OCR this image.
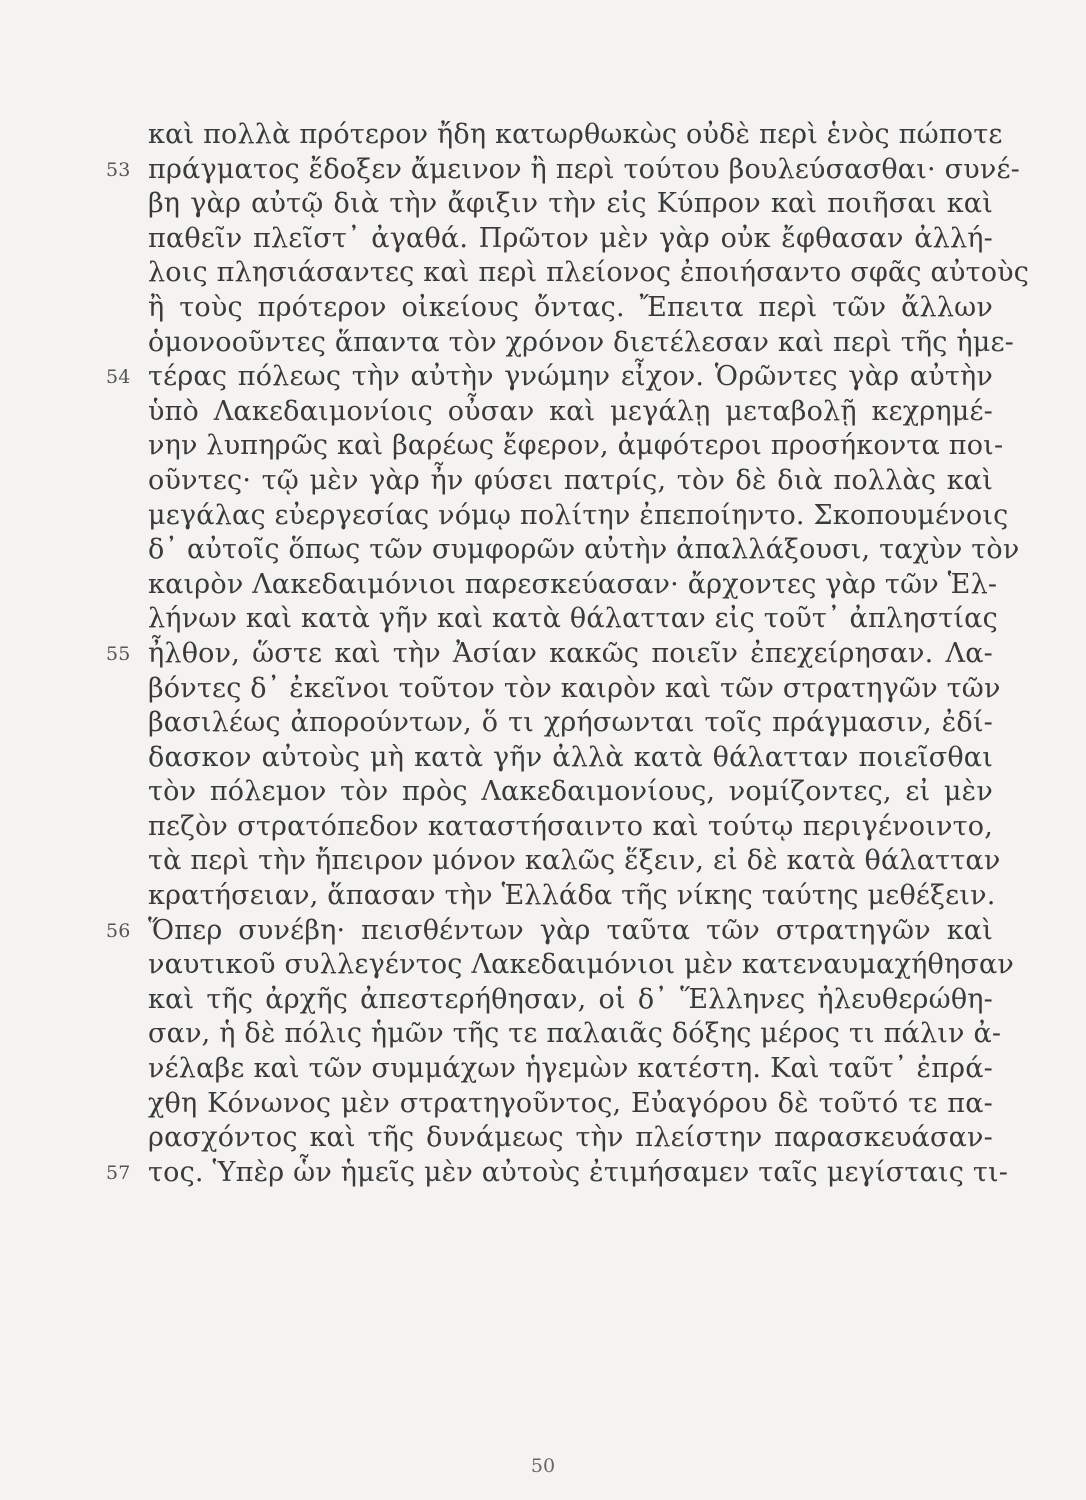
καὶ πολλὰ πρότερον ἤδη κατωρθωκὼς οὐδὲ περὶ ἑνὸς πώποτε
53 πράγματος ἔδοξεν ἄμεινον ἢ περὶ τούτου βουλεύσασθαι· συνέ-
βη γὰρ αὐτῷ διὰ τὴν ἄφιξιν τὴν εἰς Κύπρον καὶ ποιῆσαι καὶ
παθεῖν πλεῖστ᾽ ἀγαθά. Πρῶτον μὲν γὰρ οὐκ ἔφθασαν ἀλλή-
λοις πλησιάσαντες καὶ περὶ πλείονος ἐποιήσαντο σφᾶς αὐτοὺς
ἢ τοὺς πρότερον οἰκείους ὄντας. Ἔπειτα περὶ τῶν ἄλλων
ὁμονοοῦντες ἅπαντα τὸν χρόνον διετέλεσαν καὶ περὶ τῆς ἡμε-
54 τέρας πόλεως τὴν αὐτὴν γνώμην εἶχον. Ὁρῶντες γὰρ αὐτὴν
ὑπὸ Λακεδαιμονίοις οὖσαν καὶ μεγάλῃ μεταβολῇ κεχρημέ-
νην λυπηρῶς καὶ βαρέως ἔφερον, ἀμφότεροι προσήκοντα ποι-
οῦντες· τῷ μὲν γὰρ ἦν φύσει πατρίς, τὸν δὲ διὰ πολλὰς καὶ
μεγάλας εὐεργεσίας νόμῳ πολίτην ἐπεποίηντο. Σκοπουμένοις
δ᾽ αὐτοῖς ὅπως τῶν συμφορῶν αὐτὴν ἀπαλλάξουσι, ταχὺν τὸν
καιρὸν Λακεδαιμόνιοι παρεσκεύασαν· ἄρχοντες γὰρ τῶν Ἑλ-
λήνων καὶ κατὰ γῆν καὶ κατὰ θάλατταν εἰς τοῦτ᾽ ἀπληστίας
55 ἦλθον, ὥστε καὶ τὴν Ἀσίαν κακῶς ποιεῖν ἐπεχείρησαν. Λα-
βόντες δ᾽ ἐκεῖνοι τοῦτον τὸν καιρὸν καὶ τῶν στρατηγῶν τῶν
βασιλέως ἀπορούντων, ὅ τι χρήσωνται τοῖς πράγμασιν, ἐδί-
δασκον αὐτοὺς μὴ κατὰ γῆν ἀλλὰ κατὰ θάλατταν ποιεῖσθαι
τὸν πόλεμον τὸν πρὸς Λακεδαιμονίους, νομίζοντες, εἰ μὲν
πεζὸν στρατόπεδον καταστήσαιντο καὶ τούτῳ περιγένοιντο,
τὰ περὶ τὴν ἤπειρον μόνον καλῶς ἕξειν, εἰ δὲ κατὰ θάλατταν
κρατήσειαν, ἅπασαν τὴν Ἑλλάδα τῆς νίκης ταύτης μεθέξειν.
56 Ὅπερ συνέβη· πεισθέντων γὰρ ταῦτα τῶν στρατηγῶν καὶ
ναυτικοῦ συλλεγέντος Λακεδαιμόνιοι μὲν κατεναυμαχήθησαν
καὶ τῆς ἀρχῆς ἀπεστερήθησαν, οἱ δ᾽ Ἕλληνες ἠλευθερώθη-
σαν, ἡ δὲ πόλις ἡμῶν τῆς τε παλαιᾶς δόξης μέρος τι πάλιν ἀ-
νέλαβε καὶ τῶν συμμάχων ἡγεμὼν κατέστη. Καὶ ταῦτ᾽ ἐπρά-
χθη Κόνωνος μὲν στρατηγοῦντος, Εὐαγόρου δὲ τοῦτό τε πα-
ρασχόντος καὶ τῆς δυνάμεως τὴν πλείστην παρασκευάσαν-
57 τος. Ὑπὲρ ὧν ἡμεῖς μὲν αὐτοὺς ἐτιμήσαμεν ταῖς μεγίσταις τι-
50
